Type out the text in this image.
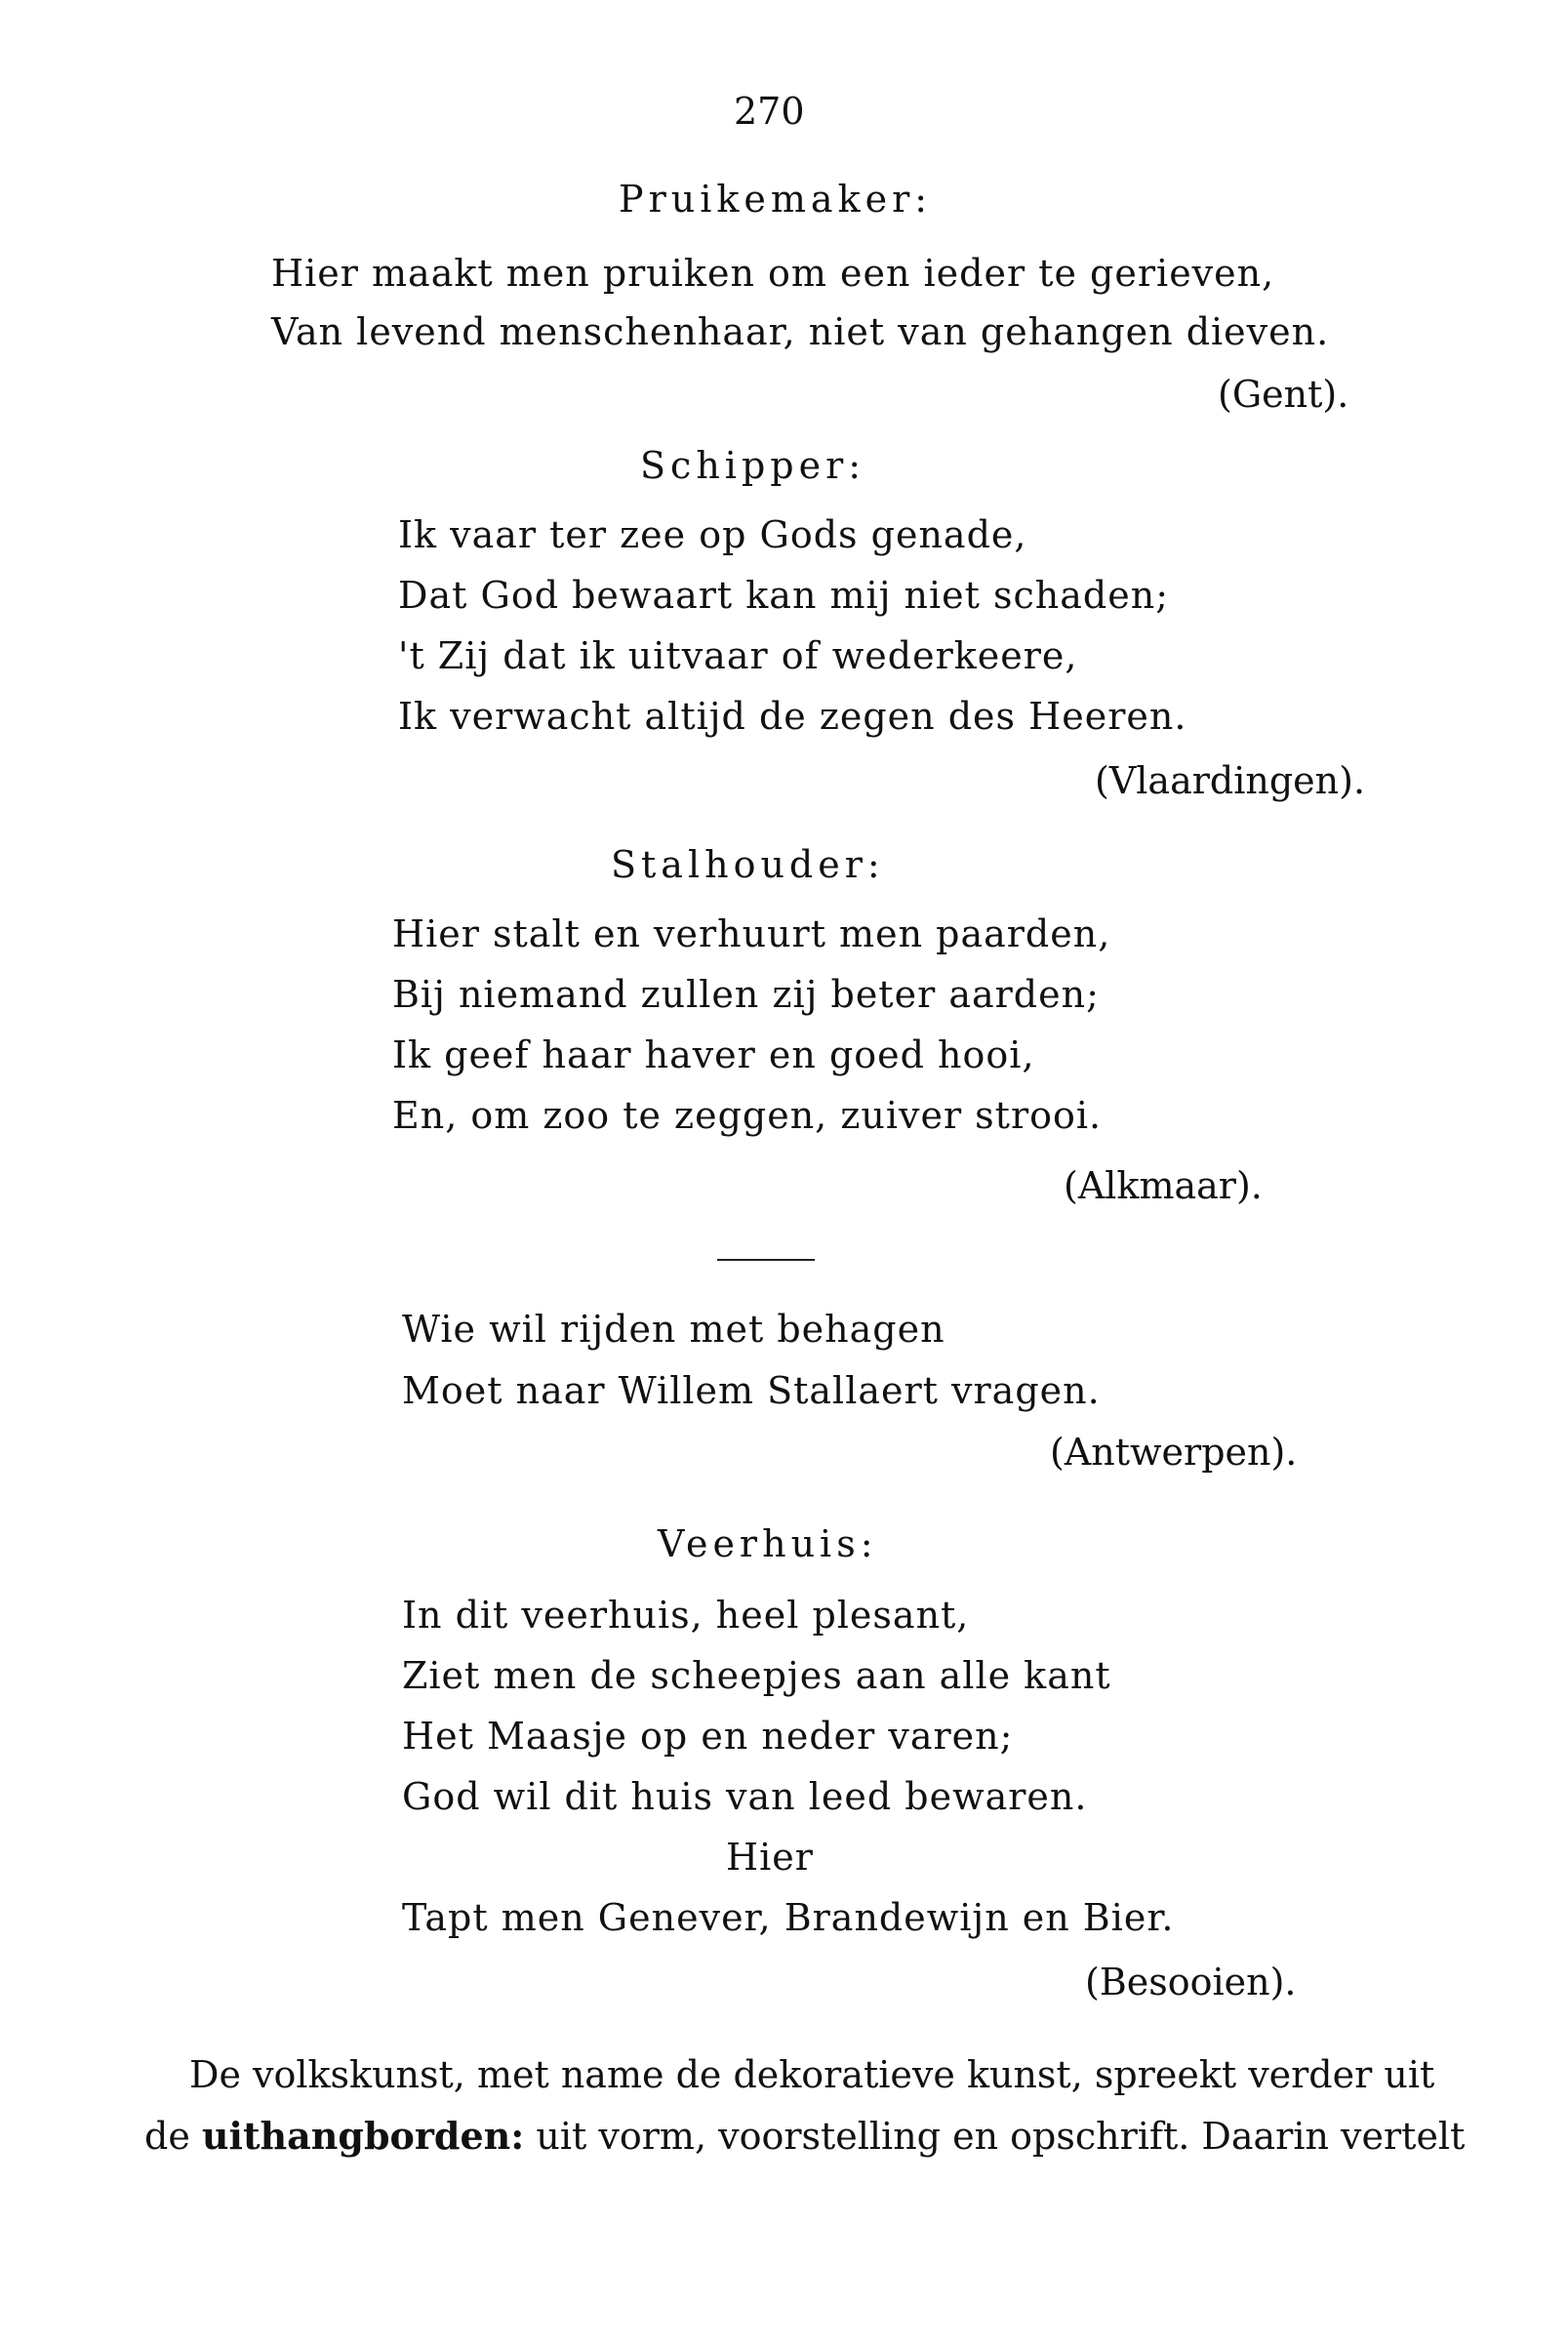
270
Pruikemaker:
Hier maakt men pruiken om een ieder te gerieven,
Van levend menschenhaar, niet van gehangen dieven.
(Gent).
Schipper:
Ik vaar ter zee op Gods genade,
Dat God bewaart kan mij niet schaden;
't Zij dat ik uitvaar of wederkeere,
Ik verwacht altijd de zegen des Heeren.
(Vlaardingen).
Stalhouder:
Hier stalt en verhuurt men paarden,
Bij niemand zullen zij beter aarden;
Ik geef haar haver en goed hooi,
En, om zoo te zeggen, zuiver strooi.
(Alkmaar).
Wie wil rijden met behagen
Moet naar Willem Stallaert vragen.
(Antwerpen).
Veerhuis:
In dit veerhuis, heel plesant,
Ziet men de scheepjes aan alle kant
Het Maasje op en neder varen;
God wil dit huis van leed bewaren.
Hier
Tapt men Genever, Brandewijn en Bier.
(Besooien).
De volkskunst, met name de dekoratieve kunst, spreekt verder uit
de uithangborden: uit vorm, voorstelling en opschrift. Daarin vertelt
